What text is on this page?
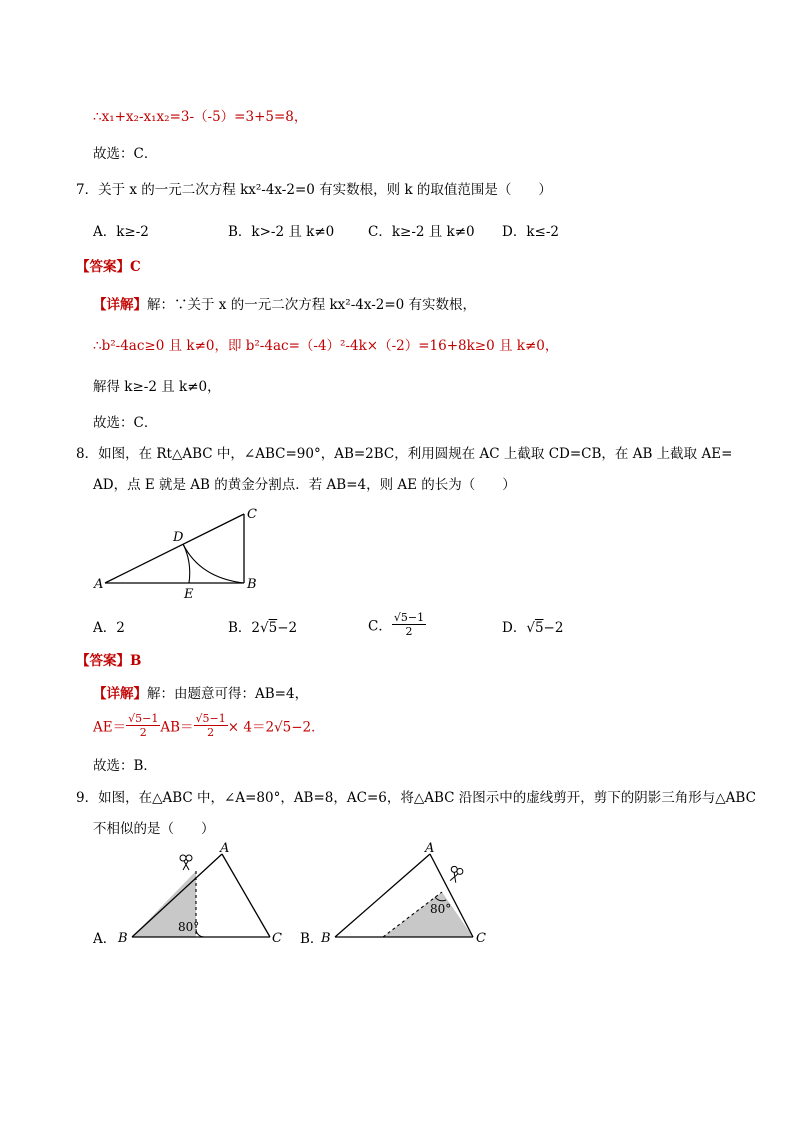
∴x₁+x₂-x₁x₂=3-（-5）=3+5=8，
故选：C．
7．关于 x 的一元二次方程 kx²-4x-2=0 有实数根，则 k 的取值范围是（　　）
A．k≥-2	B．k>-2 且 k≠0	C．k≥-2 且 k≠0 D．k≤-2
【答案】C
【详解】解：∵关于 x 的一元二次方程 kx²-4x-2=0 有实数根，
∴b²-4ac≥0 且 k≠0，即 b²-4ac=（-4）²-4k×（-2）=16+8k≥0 且 k≠0，
解得 k≥-2 且 k≠0，
故选：C．
8．如图，在 Rt△ABC 中，∠ABC=90°，AB=2BC，利用圆规在 AC 上截取 CD=CB，在 AB 上截取 AE=
AD，点 E 就是 AB 的黄金分割点．若 AB=4，则 AE 的长为（　　）
A	B
C
D
E
A．2	B．2√5−2	C． $\frac{√5-1}{2}$	D．√5−2
【答案】B
【详解】解：由题意可得：AB=4，
$AE= \frac{√5-1}{2} AB= \frac{√5-1}{2} \times 4=2√5-2$．
故选：B．
9．如图，在△ABC 中，∠A=80°，AB=8，AC=6，将△ABC 沿图示中的虚线剪开，剪下的阴影三角形与△ABC
不相似的是（　　）
A． B
A
C
80°
B．
B
A
C
80°
